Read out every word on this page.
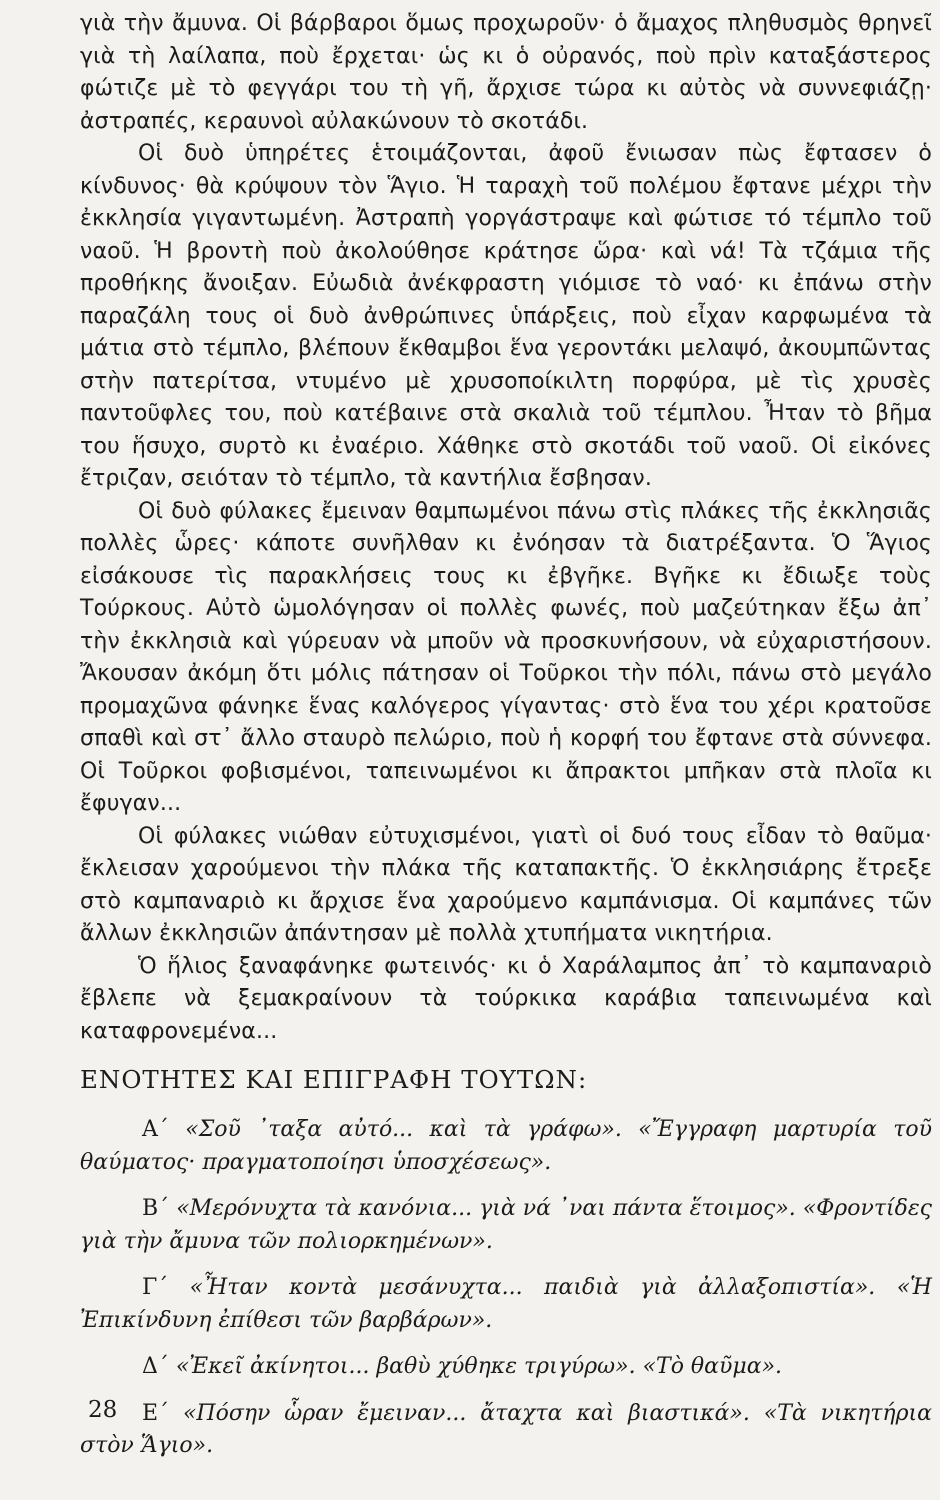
γιὰ τὴν ἄμυνα. Οἱ βάρβαροι ὅμως προχωροῦν· ὁ ἄμαχος πληθυσμὸς θρηνεῖ γιὰ τὴ λαίλαπα, ποὺ ἔρχεται· ὡς κι ὁ οὐρανός, ποὺ πρὶν καταξάστερος φώτιζε μὲ τὸ φεγγάρι του τὴ γῆ, ἄρχισε τώρα κι αὐτὸς νὰ συννεφιάζῃ· ἀστραπές, κεραυνοὶ αὐλακώνουν τὸ σκοτάδι.

Οἱ δυὸ ὑπηρέτες ἑτοιμάζονται, ἀφοῦ ἔνιωσαν πὼς ἔφτασεν ὁ κίνδυνος· θὰ κρύψουν τὸν Ἅγιο. Ἡ ταραχὴ τοῦ πολέμου ἔφτανε μέχρι τὴν ἐκκλησία γιγαντωμένη. Ἀστραπὴ γοργάστραψε καὶ φώτισε τό τέμπλο τοῦ ναοῦ. Ἡ βροντὴ ποὺ ἀκολούθησε κράτησε ὥρα· καὶ νά! Τὰ τζάμια τῆς προθήκης ἄνοιξαν. Εὐωδιὰ ἀνέκφραστη γιόμισε τὸ ναό· κι ἐπάνω στὴν παραζάλη τους οἱ δυὸ ἀνθρώπινες ὑπάρξεις, ποὺ εἶχαν καρφωμένα τὰ μάτια στὸ τέμπλο, βλέπουν ἔκθαμβοι ἕνα γεροντάκι μελαψό, ἀκουμπῶντας στὴν πατερίτσα, ντυμένο μὲ χρυσοποίκιλτη πορφύρα, μὲ τὶς χρυσὲς παντοῦφλες του, ποὺ κατέβαινε στὰ σκαλιὰ τοῦ τέμπλου. Ἦταν τὸ βῆμα του ἥσυχο, συρτὸ κι ἐναέριο. Χάθηκε στὸ σκοτάδι τοῦ ναοῦ. Οἱ εἰκόνες ἔτριζαν, σειόταν τὸ τέμπλο, τὰ καντήλια ἔσβησαν.

Οἱ δυὸ φύλακες ἔμειναν θαμπωμένοι πάνω στὶς πλάκες τῆς ἐκκλησιᾶς πολλὲς ὧρες· κάποτε συνῆλθαν κι ἐνόησαν τὰ διατρέξαντα. Ὁ Ἅγιος εἰσάκουσε τὶς παρακλήσεις τους κι ἐβγῆκε. Βγῆκε κι ἔδιωξε τοὺς Τούρκους. Αὐτὸ ὡμολόγησαν οἱ πολλὲς φωνές, ποὺ μαζεύτηκαν ἔξω ἀπ᾿ τὴν ἐκκλησιὰ καὶ γύρευαν νὰ μποῦν νὰ προσκυνήσουν, νὰ εὐχαριστήσουν. Ἄκουσαν ἀκόμη ὅτι μόλις πάτησαν οἱ Τοῦρκοι τὴν πόλι, πάνω στὸ μεγάλο προμαχῶνα φάνηκε ἕνας καλόγερος γίγαντας· στὸ ἕνα του χέρι κρατοῦσε σπαθὶ καὶ στ᾿ ἄλλο σταυρὸ πελώριο, ποὺ ἡ κορφή του ἔφτανε στὰ σύννεφα. Οἱ Τοῦρκοι φοβισμένοι, ταπεινωμένοι κι ἄπρακτοι μπῆκαν στὰ πλοῖα κι ἔφυγαν...

Οἱ φύλακες νιώθαν εὐτυχισμένοι, γιατὶ οἱ δυό τους εἶδαν τὸ θαῦμα· ἔκλεισαν χαρούμενοι τὴν πλάκα τῆς καταπακτῆς. Ὁ ἐκκλησιάρης ἔτρεξε στὸ καμπαναριὸ κι ἄρχισε ἕνα χαρούμενο καμπάνισμα. Οἱ καμπάνες τῶν ἄλλων ἐκκλησιῶν ἀπάντησαν μὲ πολλὰ χτυπήματα νικητήρια.

Ὁ ἥλιος ξαναφάνηκε φωτεινός· κι ὁ Χαράλαμπος ἀπ᾿ τὸ καμπαναριὸ ἔβλεπε νὰ ξεμακραίνουν τὰ τούρκικα καράβια ταπεινωμένα καὶ καταφρονεμένα...

ΕΝΟΤΗΤΕΣ ΚΑΙ ΕΠΙΓΡΑΦΗ ΤΟΥΤΩΝ:

Α΄ «Σοῦ ᾿ταξα αὐτό... καὶ τὰ γράφω». «Ἔγγραφη μαρτυρία τοῦ θαύματος· πραγματοποίησι ὑποσχέσεως».

Β΄ «Μερόνυχτα τὰ κανόνια... γιὰ νά ᾿ναι πάντα ἕτοιμος». «Φροντίδες γιὰ τὴν ἄμυνα τῶν πολιορκημένων».

Γ΄ «Ἦταν κοντὰ μεσάνυχτα... παιδιὰ γιὰ ἀλλαξοπιστία». «Ἡ Ἐπικίνδυνη ἐπίθεσι τῶν βαρβάρων».

Δ΄ «Ἐκεῖ ἀκίνητοι... βαθὺ χύθηκε τριγύρω». «Τὸ θαῦμα».

Ε΄ «Πόσην ὧραν ἔμειναν... ἄταχτα καὶ βιαστικά». «Τὰ νικητήρια στὸν Ἅγιο».

28
